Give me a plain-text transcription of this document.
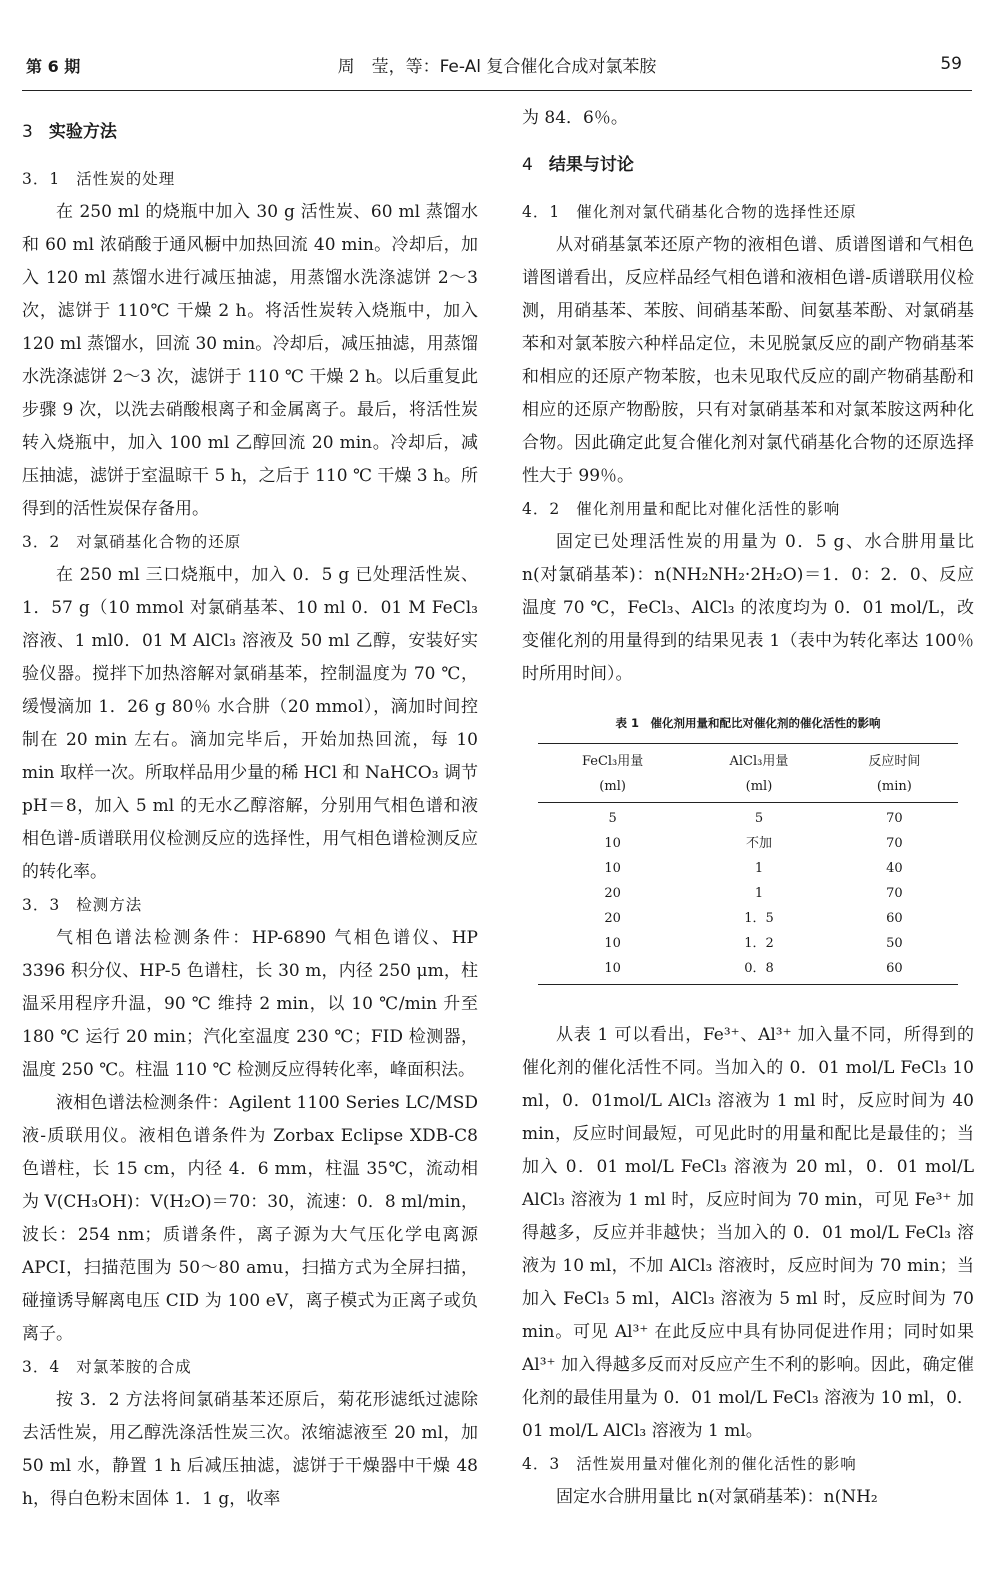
第 6 期	周　莹，等：Fe-Al 复合催化合成对氯苯胺	59
3 实验方法
3．1 活性炭的处理

在 250 ml 的烧瓶中加入 30 g 活性炭、60 ml 蒸馏水和 60 ml 浓硝酸于通风橱中加热回流 40 min。冷却后，加入 120 ml 蒸馏水进行减压抽滤，用蒸馏水洗涤滤饼 2～3 次，滤饼于 110℃ 干燥 2 h。将活性炭转入烧瓶中，加入 120 ml 蒸馏水，回流 30 min。冷却后，减压抽滤，用蒸馏水洗涤滤饼 2～3 次，滤饼于 110 ℃ 干燥 2 h。以后重复此步骤 9 次，以洗去硝酸根离子和金属离子。最后，将活性炭转入烧瓶中，加入 100 ml 乙醇回流 20 min。冷却后，减压抽滤，滤饼于室温晾干 5 h，之后于 110 ℃ 干燥 3 h。所得到的活性炭保存备用。

3．2 对氯硝基化合物的还原

在 250 ml 三口烧瓶中，加入 0．5 g 已处理活性炭、1．57 g（10 mmol 对氯硝基苯、10 ml 0．01 M FeCl₃ 溶液、1 ml0．01 M AlCl₃ 溶液及 50 ml 乙醇，安装好实验仪器。搅拌下加热溶解对氯硝基苯，控制温度为 70 ℃，缓慢滴加 1．26 g 80％ 水合肼（20 mmol），滴加时间控制在 20 min 左右。滴加完毕后，开始加热回流，每 10 min 取样一次。所取样品用少量的稀 HCl 和 NaHCO₃ 调节 pH＝8，加入 5 ml 的无水乙醇溶解，分别用气相色谱和液相色谱-质谱联用仪检测反应的选择性，用气相色谱检测反应的转化率。

3．3 检测方法

气相色谱法检测条件：HP-6890 气相色谱仪、HP 3396 积分仪、HP-5 色谱柱，长 30 m，内径 250 μm，柱温采用程序升温，90 ℃ 维持 2 min，以 10 ℃/min 升至 180 ℃ 运行 20 min；汽化室温度 230 ℃；FID 检测器，温度 250 ℃。柱温 110 ℃ 检测反应得转化率，峰面积法。

液相色谱法检测条件：Agilent 1100 Series LC/MSD 液-质联用仪。液相色谱条件为 Zorbax Eclipse XDB-C8 色谱柱，长 15 cm，内径 4．6 mm，柱温 35℃，流动相为 V(CH₃OH)：V(H₂O)＝70：30，流速：0．8 ml/min，波长：254 nm；质谱条件，离子源为大气压化学电离源 APCI，扫描范围为 50～80 amu，扫描方式为全屏扫描，碰撞诱导解离电压 CID 为 100 eV，离子模式为正离子或负离子。

3．4 对氯苯胺的合成

按 3．2 方法将间氯硝基苯还原后，菊花形滤纸过滤除去活性炭，用乙醇洗涤活性炭三次。浓缩滤液至 20 ml，加 50 ml 水，静置 1 h 后减压抽滤，滤饼于干燥器中干燥 48 h，得白色粉末固体 1．1 g，收率

为 84．6％。

4 结果与讨论
4．1 催化剂对氯代硝基化合物的选择性还原

从对硝基氯苯还原产物的液相色谱、质谱图谱和气相色谱图谱看出，反应样品经气相色谱和液相色谱-质谱联用仪检测，用硝基苯、苯胺、间硝基苯酚、间氨基苯酚、对氯硝基苯和对氯苯胺六种样品定位，未见脱氯反应的副产物硝基苯和相应的还原产物苯胺，也未见取代反应的副产物硝基酚和相应的还原产物酚胺，只有对氯硝基苯和对氯苯胺这两种化合物。因此确定此复合催化剂对氯代硝基化合物的还原选择性大于 99％。

4．2 催化剂用量和配比对催化活性的影响

固定已处理活性炭的用量为 0．5 g、水合肼用量比 n(对氯硝基苯)：n(NH₂NH₂·2H₂O)＝1．0：2．0、反应温度 70 ℃，FeCl₃、AlCl₃ 的浓度均为 0．01 mol/L，改变催化剂的用量得到的结果见表 1（表中为转化率达 100％时所用时间）。

表 1　催化剂用量和配比对催化剂的催化活性的影响
FeCl₃用量	AlCl₃用量	反应时间
(ml)	(ml)	(min)
5	5	70
10	不加	70
10	1	40
20	1	70
20	1．5	60
10	1．2	50
10	0．8	60

从表 1 可以看出，Fe³⁺、Al³⁺ 加入量不同，所得到的催化剂的催化活性不同。当加入的 0．01 mol/L FeCl₃ 10 ml，0．01mol/L AlCl₃ 溶液为 1 ml 时，反应时间为 40 min，反应时间最短，可见此时的用量和配比是最佳的；当加入 0．01 mol/L FeCl₃ 溶液为 20 ml，0．01 mol/L AlCl₃ 溶液为 1 ml 时，反应时间为 70 min，可见 Fe³⁺ 加得越多，反应并非越快；当加入的 0．01 mol/L FeCl₃ 溶液为 10 ml，不加 AlCl₃ 溶液时，反应时间为 70 min；当加入 FeCl₃ 5 ml，AlCl₃ 溶液为 5 ml 时，反应时间为 70 min。可见 Al³⁺ 在此反应中具有协同促进作用；同时如果 Al³⁺ 加入得越多反而对反应产生不利的影响。因此，确定催化剂的最佳用量为 0．01 mol/L FeCl₃ 溶液为 10 ml，0．01 mol/L AlCl₃ 溶液为 1 ml。

4．3 活性炭用量对催化剂的催化活性的影响

固定水合肼用量比 n(对氯硝基苯)：n(NH₂
